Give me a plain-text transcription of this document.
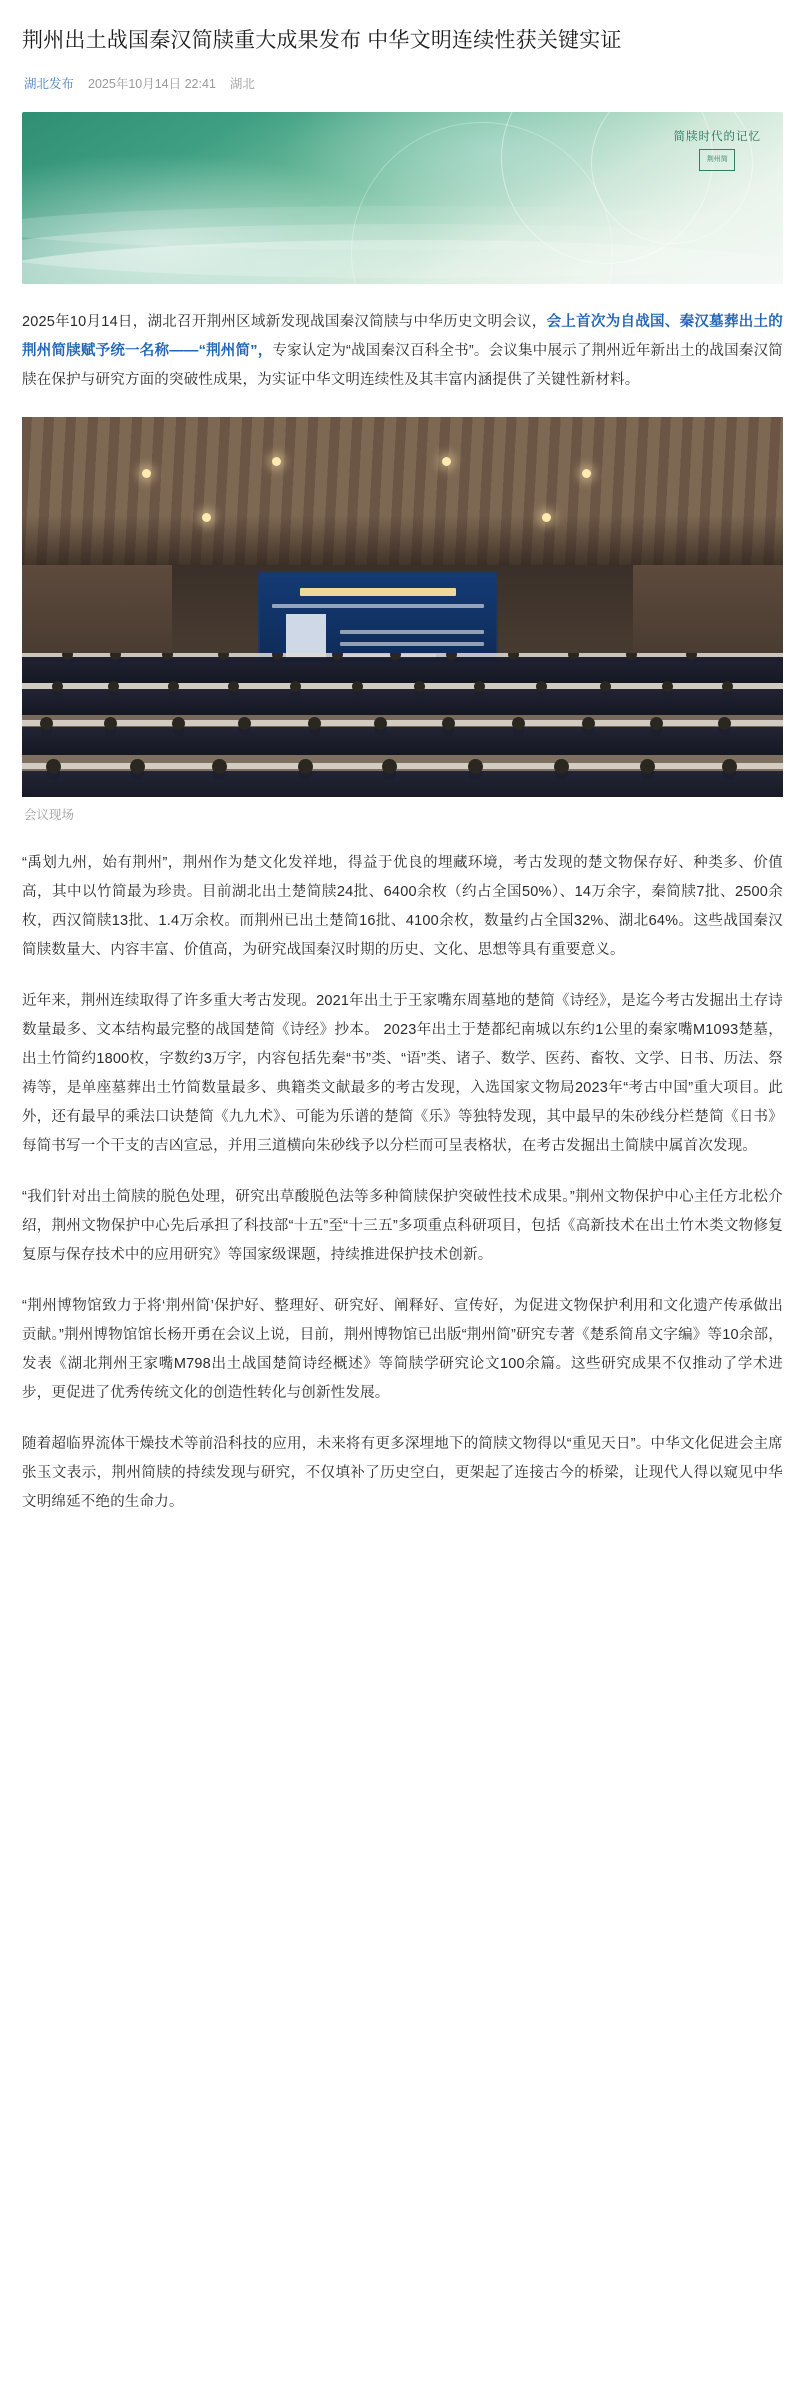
荆州出土战国秦汉简牍重大成果发布 中华文明连续性获关键实证
湖北发布 2025年10月14日 22:41 湖北
简牍时代的记忆
荆州简

2025年10月14日，湖北召开荆州区域新发现战国秦汉简牍与中华历史文明会议，会上首次为自战国、秦汉墓葬出土的荆州简牍赋予统一名称——“荆州简”，专家认定为“战国秦汉百科全书”。会议集中展示了荆州近年新出土的战国秦汉简牍在保护与研究方面的突破性成果，为实证中华文明连续性及其丰富内涵提供了关键性新材料。

会议现场

“禹划九州，始有荆州”，荆州作为楚文化发祥地，得益于优良的埋藏环境，考古发现的楚文物保存好、种类多、价值高，其中以竹简最为珍贵。目前湖北出土楚简牍24批、6400余枚（约占全国50%）、14万余字，秦简牍7批、2500余枚，西汉简牍13批、1.4万余枚。而荆州已出土楚简16批、4100余枚，数量约占全国32%、湖北64%。这些战国秦汉简牍数量大、内容丰富、价值高，为研究战国秦汉时期的历史、文化、思想等具有重要意义。

近年来，荆州连续取得了许多重大考古发现。2021年出土于王家嘴东周墓地的楚简《诗经》，是迄今考古发掘出土存诗数量最多、文本结构最完整的战国楚简《诗经》抄本。 2023年出土于楚都纪南城以东约1公里的秦家嘴M1093楚墓，出土竹简约1800枚，字数约3万字，内容包括先秦“书”类、“语”类、诸子、数学、医药、畜牧、文学、日书、历法、祭祷等，是单座墓葬出土竹简数量最多、典籍类文献最多的考古发现，入选国家文物局2023年“考古中国”重大项目。此外，还有最早的乘法口诀楚简《九九术》、可能为乐谱的楚简《乐》等独特发现，其中最早的朱砂线分栏楚简《日书》每简书写一个干支的吉凶宣忌，并用三道横向朱砂线予以分栏而可呈表格状，在考古发掘出土简牍中属首次发现。

“我们针对出土简牍的脱色处理，研究出草酸脱色法等多种简牍保护突破性技术成果。”荆州文物保护中心主任方北松介绍，荆州文物保护中心先后承担了科技部“十五”至“十三五”多项重点科研项目，包括《高新技术在出土竹木类文物修复复原与保存技术中的应用研究》等国家级课题，持续推进保护技术创新。

“荆州博物馆致力于将‘荆州简’保护好、整理好、研究好、阐释好、宣传好，为促进文物保护利用和文化遗产传承做出贡献。”荆州博物馆馆长杨开勇在会议上说，目前，荆州博物馆已出版“荆州简”研究专著《楚系简帛文字编》等10余部，发表《湖北荆州王家嘴M798出土战国楚简诗经概述》等简牍学研究论文100余篇。这些研究成果不仅推动了学术进步，更促进了优秀传统文化的创造性转化与创新性发展。

随着超临界流体干燥技术等前沿科技的应用，未来将有更多深埋地下的简牍文物得以“重见天日”。中华文化促进会主席张玉文表示，荆州简牍的持续发现与研究，不仅填补了历史空白，更架起了连接古今的桥梁，让现代人得以窥见中华文明绵延不绝的生命力。
